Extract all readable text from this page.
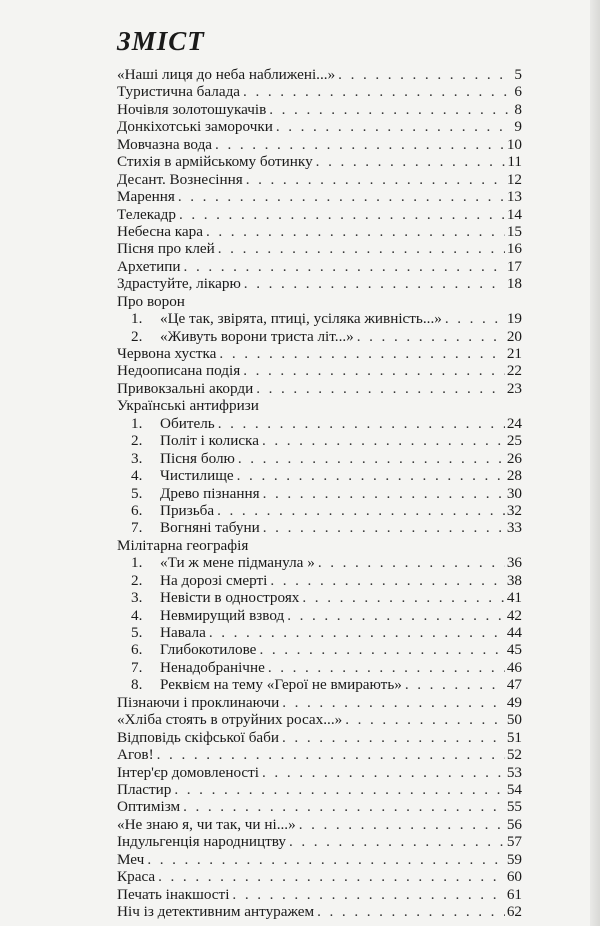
ЗМІСТ
«Наші лиця до неба наближені...» . . .	5
Туристична балада . . .	6
Ночівля золотошукачів . . .	8
Донкіхотські заморочки . . .	9
Мовчазна вода . . .	10
Стихія в армійському ботинку . . .	11
Десант. Вознесіння . . .	12
Марення . . .	13
Телекадр . . .	14
Небесна кара . . .	15
Пісня про клей . . .	16
Архетипи . . .	17
Здрастуйте, лікарю . . .	18
Про ворон
1.	«Це так, звірята, птиці, усіляка живність...» . . .	19
2.	«Живуть ворони триста літ...» . . .	20
Червона хустка . . .	21
Недоописана подія . . .	22
Привокзальні акорди . . .	23
Українські антифризи
1.	Обитель . . .	24
2.	Політ і колиска . . .	25
3.	Пісня болю . . .	26
4.	Чистилище . . .	28
5.	Древо пізнання . . .	30
6.	Призьба . . .	32
7.	Вогняні табуни . . .	33
Мілітарна географія
1.	«Ти ж мене підманула » . . .	36
2.	На дорозі смерті . . .	38
3.	Невісти в одностроях . . .	41
4.	Невмирущий взвод . . .	42
5.	Навала . . .	44
6.	Глибокотилове . . .	45
7.	Ненадобранічне . . .	46
8.	Реквієм на тему «Герої не вмирають» . . .	47
Пізнаючи і проклинаючи . . .	49
«Хліба стоять в отруйних росах...» . . .	50
Відповідь скіфської баби . . .	51
Агов! . . .	52
Інтер'єр домовленості . . .	53
Пластир . . .	54
Оптимізм . . .	55
«Не знаю я, чи так, чи ні...» . . .	56
Індульгенція народництву . . .	57
Меч . . .	59
Краса . . .	60
Печать інакшості . . .	61
Ніч із детективним антуражем . . .	62
